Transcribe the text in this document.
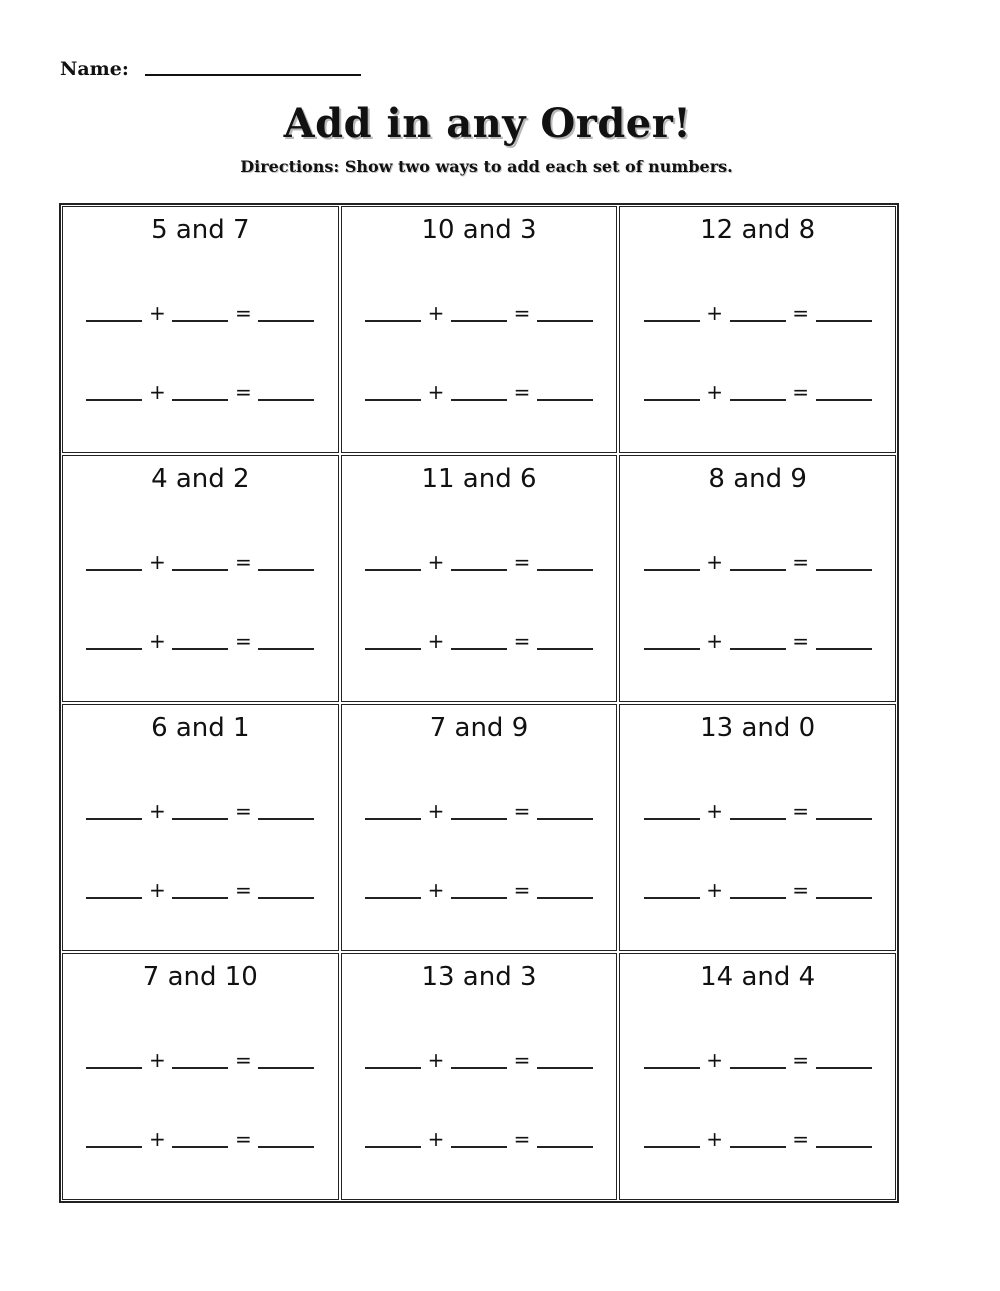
Name:
Add in any Order!
Directions: Show two ways to add each set of numbers.
5 and 7
+	=
+	=
10 and 3
+	=
+	=
12 and 8
+	=
+	=
4 and 2
+	=
+	=
11 and 6
+	=
+	=
8 and 9
+	=
+	=
6 and 1
+	=
+	=
7 and 9
+	=
+	=
13 and 0
+	=
+	=
7 and 10
+	=
+	=
13 and 3
+	=
+	=
14 and 4
+	=
+	=
